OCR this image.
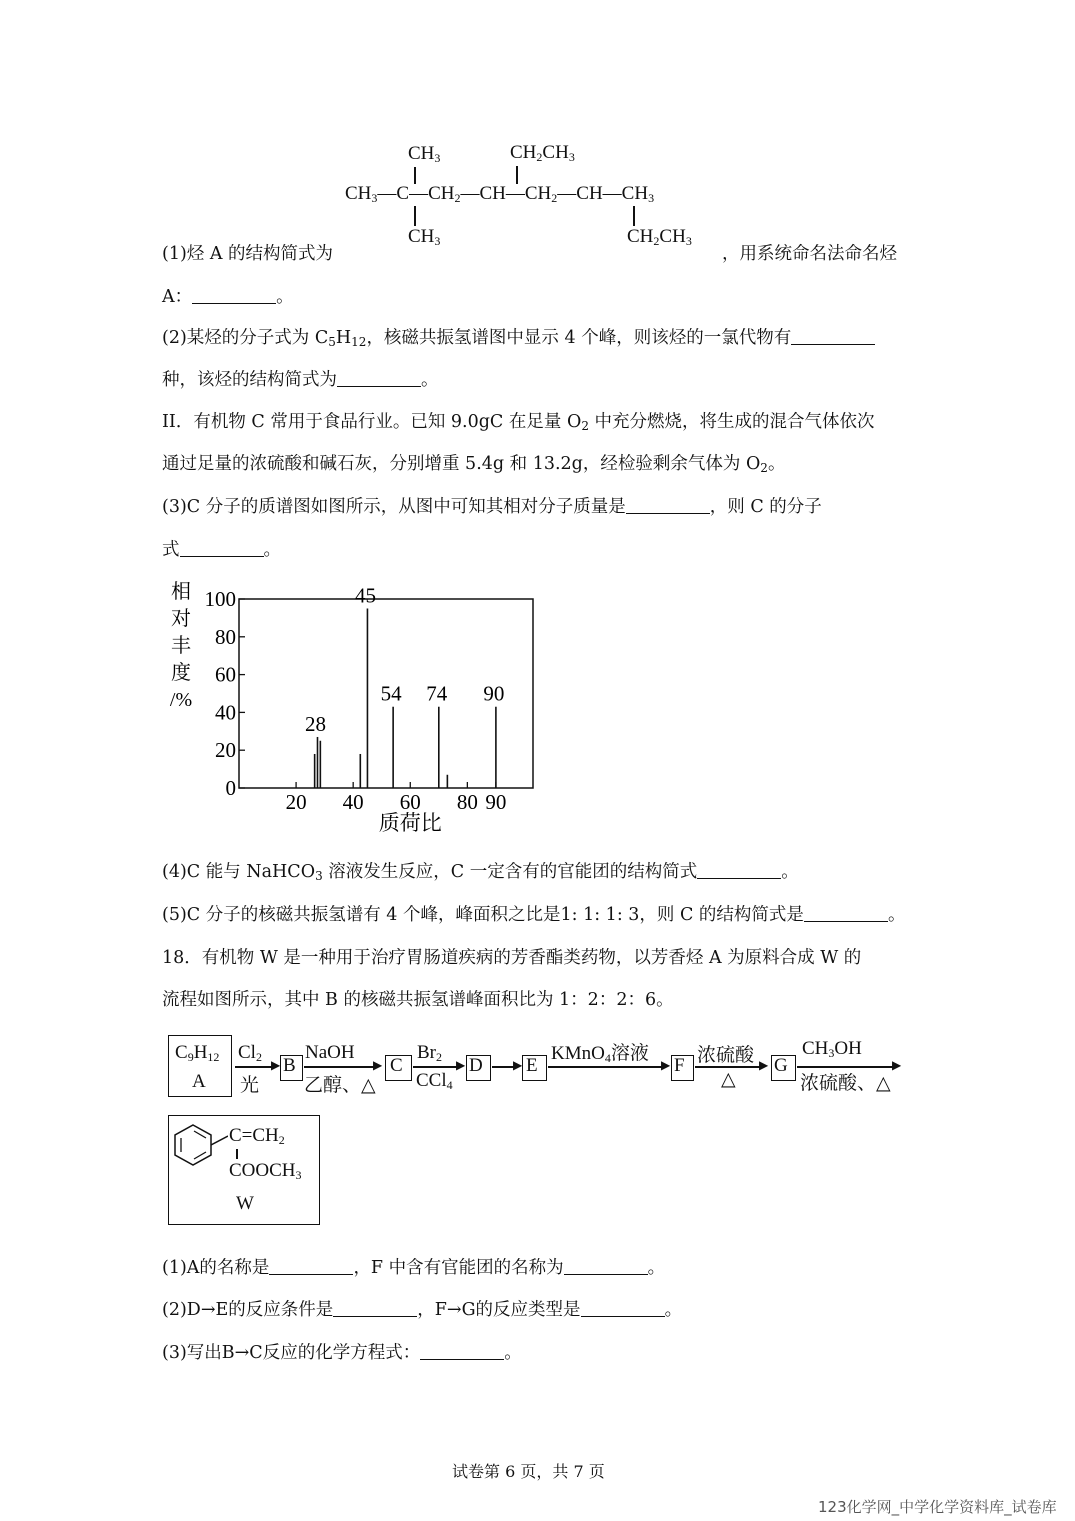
$CH_3$	$CH_2CH_3$
$CH_3—C—CH_2—CH—CH_2—CH—CH_3$
$CH_3$	$CH_2CH_3$
(1)烃 A 的结构简式为	，用系统命名法命名烃
A：	。
(2)某烃的分子式为 $C_5H_{12}$，核磁共振氢谱图中显示 4 个峰，则该烃的一氯代物有
种，该烃的结构简式为	。
II．有机物 C 常用于食品行业。已知 9.0gC 在足量 $O_2$ 中充分燃烧，将生成的混合气体依次
通过足量的浓硫酸和碱石灰，分别增重 5.4g 和 13.2g，经检验剩余气体为 $O_2$。
(3)C 分子的质谱图如图所示，从图中可知其相对分子质量是	，则 C 的分子
式	。
100
80
60
40
20
0
20 40 60 80 90
28
45
54 74 90
相
对
丰
度
/%
质荷比
(4)C 能与 NaHCO$_3$ 溶液发生反应，C 一定含有的官能团的结构简式	。
(5)C 分子的核磁共振氢谱有 4 个峰，峰面积之比是1: 1: 1: 3，则 C 的结构简式是	。
18．有机物 W 是一种用于治疗胃肠道疾病的芳香酯类药物，以芳香烃 A 为原料合成 W 的
流程如图所示，其中 B 的核磁共振氢谱峰面积比为 1：2：2：6。
$C_9H_{12}$
A
$Cl_2$
▶
光
B
NaOH
▶
乙醇、△
C
$Br_2$
▶
CCl$_4$
D	▶ E
KMnO$_4$溶液
▶ F 浓硫酸 ▶
△
G
$CH_3OH$
▶
浓硫酸、△
$C=CH_2$
$COOCH_3$
W
(1)A的名称是	，F 中含有官能团的名称为	。
(2)D→E的反应条件是	，F→G的反应类型是	。
(3)写出B→C反应的化学方程式：	。
试卷第 6 页，共 7 页
123化学网_中学化学资料库_试卷库
